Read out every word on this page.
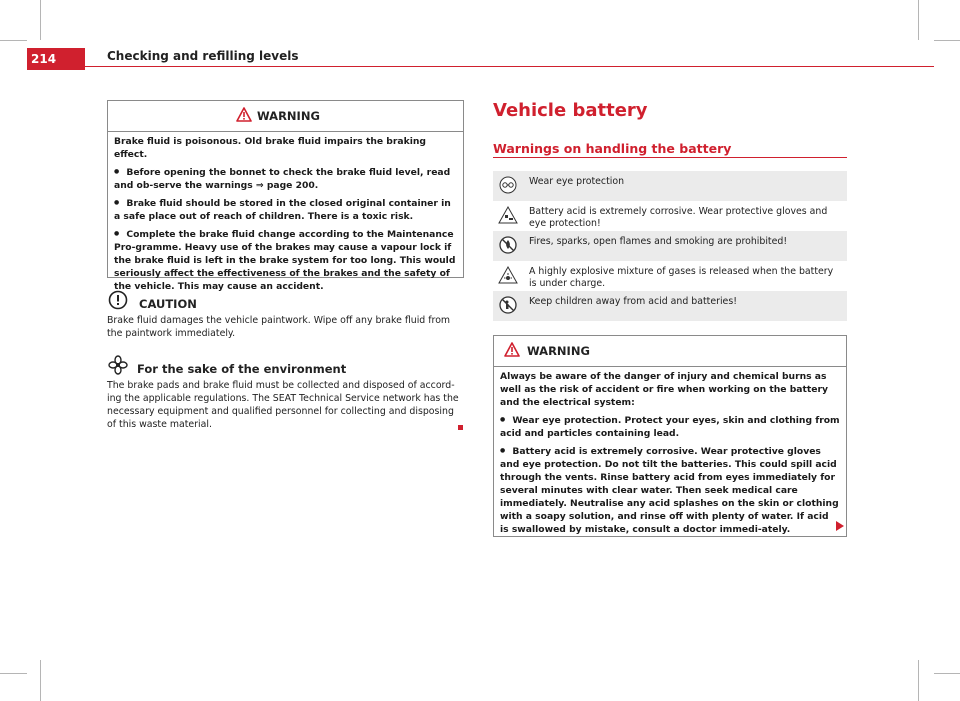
214	Checking and refilling levels
WARNING

Brake fluid is poisonous. Old brake fluid impairs the braking effect.

● Before opening the bonnet to check the brake fluid level, read and ob-serve the warnings ⇒ page 200.

● Brake fluid should be stored in the closed original container in a safe place out of reach of children. There is a toxic risk.

● Complete the brake fluid change according to the Maintenance Pro-gramme. Heavy use of the brakes may cause a vapour lock if the brake fluid is left in the brake system for too long. This would seriously affect the effectiveness of the brakes and the safety of the vehicle. This may cause an accident.

CAUTION

Brake fluid damages the vehicle paintwork. Wipe off any brake fluid from the paintwork immediately.

For the sake of the environment

The brake pads and brake fluid must be collected and disposed of accord-ing the applicable regulations. The SEAT Technical Service network has the necessary equipment and qualified personnel for collecting and disposing of this waste material.

Vehicle battery
Warnings on handling the battery
Wear eye protection
Battery acid is extremely corrosive. Wear protective gloves and eye protection!
Fires, sparks, open flames and smoking are prohibited!
A highly explosive mixture of gases is released when the battery is under charge.
Keep children away from acid and batteries!
WARNING

Always be aware of the danger of injury and chemical burns as well as the risk of accident or fire when working on the battery and the electrical system:

● Wear eye protection. Protect your eyes, skin and clothing from acid and particles containing lead.

● Battery acid is extremely corrosive. Wear protective gloves and eye protection. Do not tilt the batteries. This could spill acid through the vents. Rinse battery acid from eyes immediately for several minutes with clear water. Then seek medical care immediately. Neutralise any acid splashes on the skin or clothing with a soapy solution, and rinse off with plenty of water. If acid is swallowed by mistake, consult a doctor immedi-ately.
